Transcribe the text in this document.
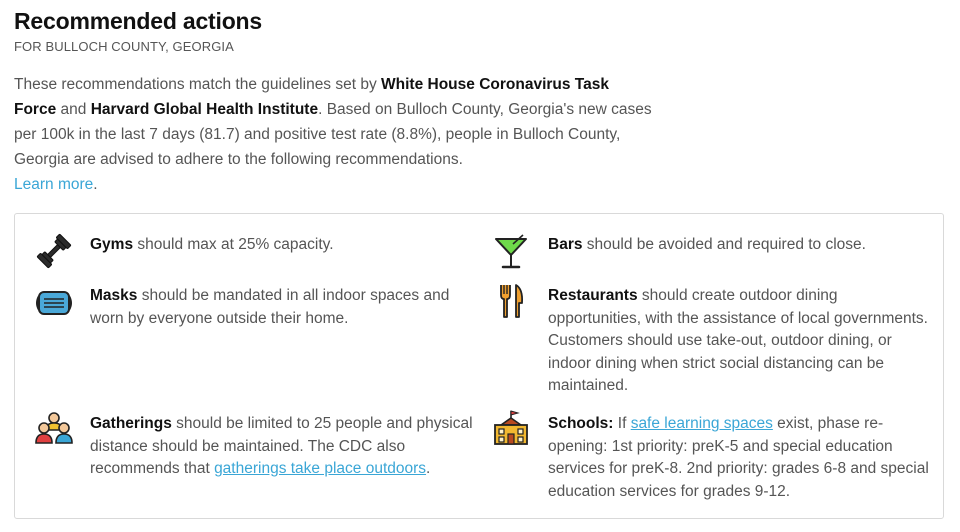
Recommended actions
FOR BULLOCH COUNTY, GEORGIA
These recommendations match the guidelines set by White House Coronavirus Task Force and Harvard Global Health Institute. Based on Bulloch County, Georgia's new cases per 100k in the last 7 days (81.7) and positive test rate (8.8%), people in Bulloch County, Georgia are advised to adhere to the following recommendations.
Learn more.
Gyms should max at 25% capacity.	Bars should be avoided and required to close.
Masks should be mandated in all indoor spaces and worn by everyone outside their home.
Restaurants should create outdoor dining opportunities, with the assistance of local governments. Customers should use take-out, outdoor dining, or indoor dining when strict social distancing can be maintained.
Gatherings should be limited to 25 people and physical distance should be maintained. The CDC also recommends that gatherings take place outdoors.
Schools: If safe learning spaces exist, phase re-opening: 1st priority: preK-5 and special education services for preK-8. 2nd priority: grades 6-8 and special education services for grades 9-12.
